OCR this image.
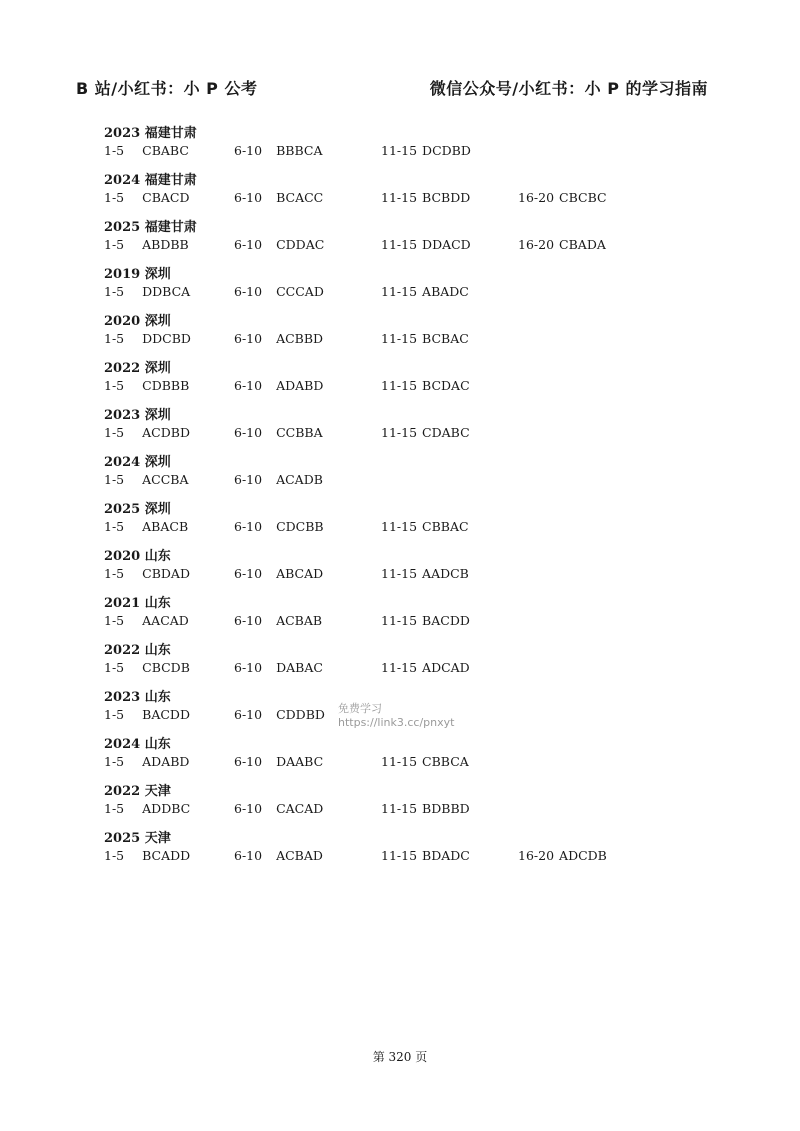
B 站/小红书：小 P 公考	微信公众号/小红书：小 P 的学习指南
2023 福建甘肃
1-5 CBABC	6-10 BBBCA	11-15 DCDBD
2024 福建甘肃
1-5 CBACD	6-10 BCACC	11-15 BCBDD	16-20 CBCBC
2025 福建甘肃
1-5 ABDBB	6-10 CDDAC	11-15 DDACD	16-20 CBADA
2019 深圳
1-5 DDBCA	6-10 CCCAD	11-15 ABADC
2020 深圳
1-5 DDCBD	6-10 ACBBD	11-15 BCBAC
2022 深圳
1-5 CDBBB	6-10 ADABD	11-15 BCDAC
2023 深圳
1-5 ACDBD	6-10 CCBBA	11-15 CDABC
2024 深圳
1-5 ACCBA	6-10 ACADB
2025 深圳
1-5 ABACB	6-10 CDCBB	11-15 CBBAC
2020 山东
1-5 CBDAD	6-10 ABCAD	11-15 AADCB
2021 山东
1-5 AACAD	6-10 ACBAB	11-15 BACDD
2022 山东
1-5 CBCDB	6-10 DABAC	11-15 ADCAD
2023 山东
1-5 BACDD	6-10 CDDBD
2024 山东
1-5 ADABD	6-10 DAABC	11-15 CBBCA
2022 天津
1-5 ADDBC	6-10 CACAD	11-15 BDBBD
2025 天津
1-5 BCADD	6-10 ACBAD	11-15 BDADC	16-20 ADCDB
免费学习
https://link3.cc/pnxyt
第 320 页
